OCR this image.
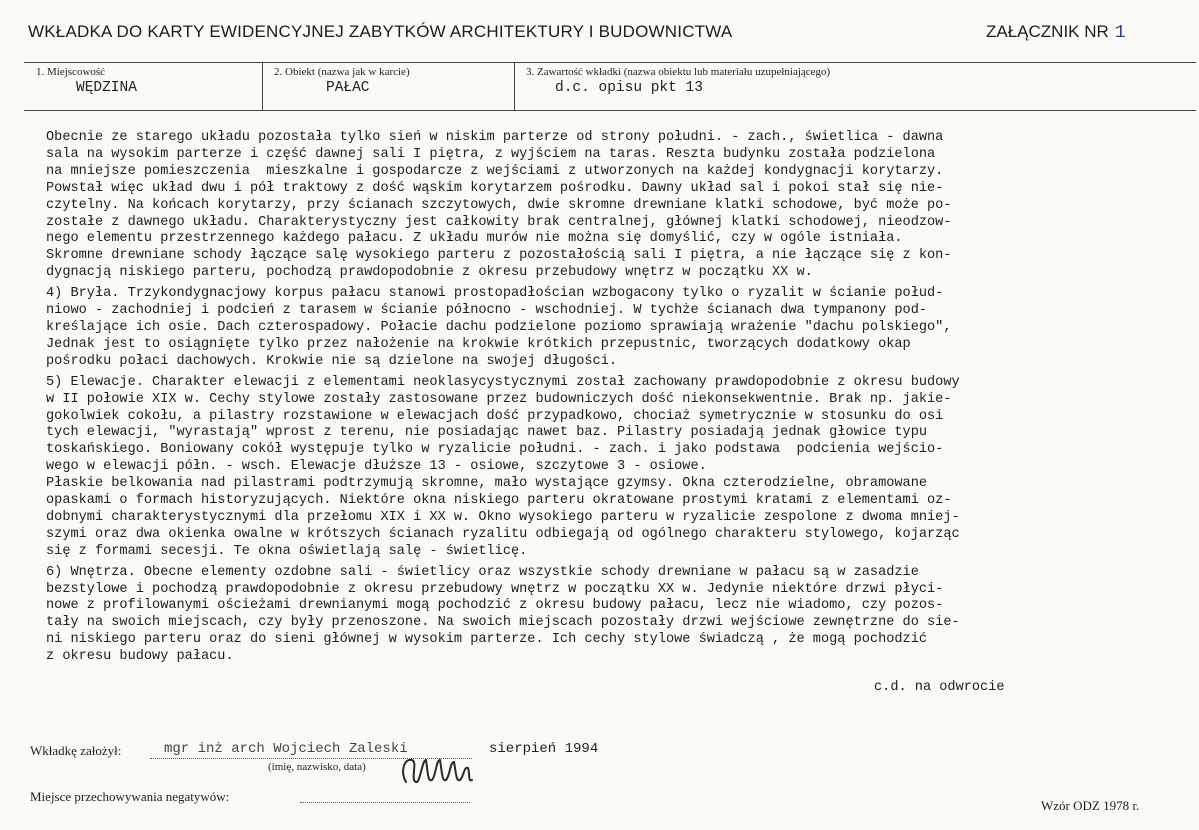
WKŁADKA DO KARTY EWIDENCYJNEJ ZABYTKÓW ARCHITEKTURY I BUDOWNICTWA	ZAŁĄCZNIK NR 1
1. Miejscowość
WĘDZINA
2. Obiekt (nazwa jak w karcie)
PAŁAC
3. Zawartość wkładki (nazwa obiektu lub materiału uzupełniającego)
d.c. opisu pkt 13
Obecnie ze starego układu pozostała tylko sień w niskim parterze od strony południ. - zach., świetlica - dawna
sala na wysokim parterze i część dawnej sali I piętra, z wyjściem na taras. Reszta budynku została podzielona
na mniejsze pomieszczenia  mieszkalne i gospodarcze z wejściami z utworzonych na każdej kondygnacji korytarzy.
Powstał więc układ dwu i pół traktowy z dość wąskim korytarzem pośrodku. Dawny układ sal i pokoi stał się nie-
czytelny. Na końcach korytarzy, przy ścianach szczytowych, dwie skromne drewniane klatki schodowe, być może po-
zostałe z dawnego układu. Charakterystyczny jest całkowity brak centralnej, głównej klatki schodowej, nieodzow-
nego elementu przestrzennego każdego pałacu. Z układu murów nie można się domyślić, czy w ogóle istniała.
Skromne drewniane schody łączące salę wysokiego parteru z pozostałością sali I piętra, a nie łączące się z kon-
dygnacją niskiego parteru, pochodzą prawdopodobnie z okresu przebudowy wnętrz w początku XX w.

4) Bryła. Trzykondygnacjowy korpus pałacu stanowi prostopadłościan wzbogacony tylko o ryzalit w ścianie połud-
niowo - zachodniej i podcień z tarasem w ścianie północno - wschodniej. W tychże ścianach dwa tympanony pod-
kreślające ich osie. Dach czterospadowy. Połacie dachu podzielone poziomo sprawiają wrażenie "dachu polskiego",
Jednak jest to osiągnięte tylko przez nałożenie na krokwie krótkich przepustnic, tworzących dodatkowy okap
pośrodku połaci dachowych. Krokwie nie są dzielone na swojej długości.

5) Elewacje. Charakter elewacji z elementami neoklasycystycznymi został zachowany prawdopodobnie z okresu budowy
w II połowie XIX w. Cechy stylowe zostały zastosowane przez budowniczych dość niekonsekwentnie. Brak np. jakie-
gokolwiek cokołu, a pilastry rozstawione w elewacjach dość przypadkowo, chociaż symetrycznie w stosunku do osi
tych elewacji, "wyrastają" wprost z terenu, nie posiadając nawet baz. Pilastry posiadają jednak głowice typu
toskańskiego. Boniowany cokół występuje tylko w ryzalicie południ. - zach. i jako podstawa  podcienia wejścio-
wego w elewacji półn. - wsch. Elewacje dłuższe 13 - osiowe, szczytowe 3 - osiowe.
Płaskie belkowania nad pilastrami podtrzymują skromne, mało wystające gzymsy. Okna czterodzielne, obramowane
opaskami o formach historyzujących. Niektóre okna niskiego parteru okratowane prostymi kratami z elementami oz-
dobnymi charakterystycznymi dla przełomu XIX i XX w. Okno wysokiego parteru w ryzalicie zespolone z dwoma mniej-
szymi oraz dwa okienka owalne w krótszych ścianach ryzalitu odbiegają od ogólnego charakteru stylowego, kojarząc
się z formami secesji. Te okna oświetlają salę - świetlicę.

6) Wnętrza. Obecne elementy ozdobne sali - świetlicy oraz wszystkie schody drewniane w pałacu są w zasadzie
bezstylowe i pochodzą prawdopodobnie z okresu przebudowy wnętrz w początku XX w. Jedynie niektóre drzwi płyci-
nowe z profilowanymi ościeżami drewnianymi mogą pochodzić z okresu budowy pałacu, lecz nie wiadomo, czy pozos-
tały na swoich miejscach, czy były przenoszone. Na swoich miejscach pozostały drzwi wejściowe zewnętrzne do sie-
ni niskiego parteru oraz do sieni głównej w wysokim parterze. Ich cechy stylowe świadczą , że mogą pochodzić
z okresu budowy pałacu.
c.d. na odwrocie
Wkładkę założył:	mgr inż arch Wojciech Zaleski	sierpień 1994
(imię, nazwisko, data)
Miejsce przechowywania negatywów:
Wzór ODZ 1978 r.
